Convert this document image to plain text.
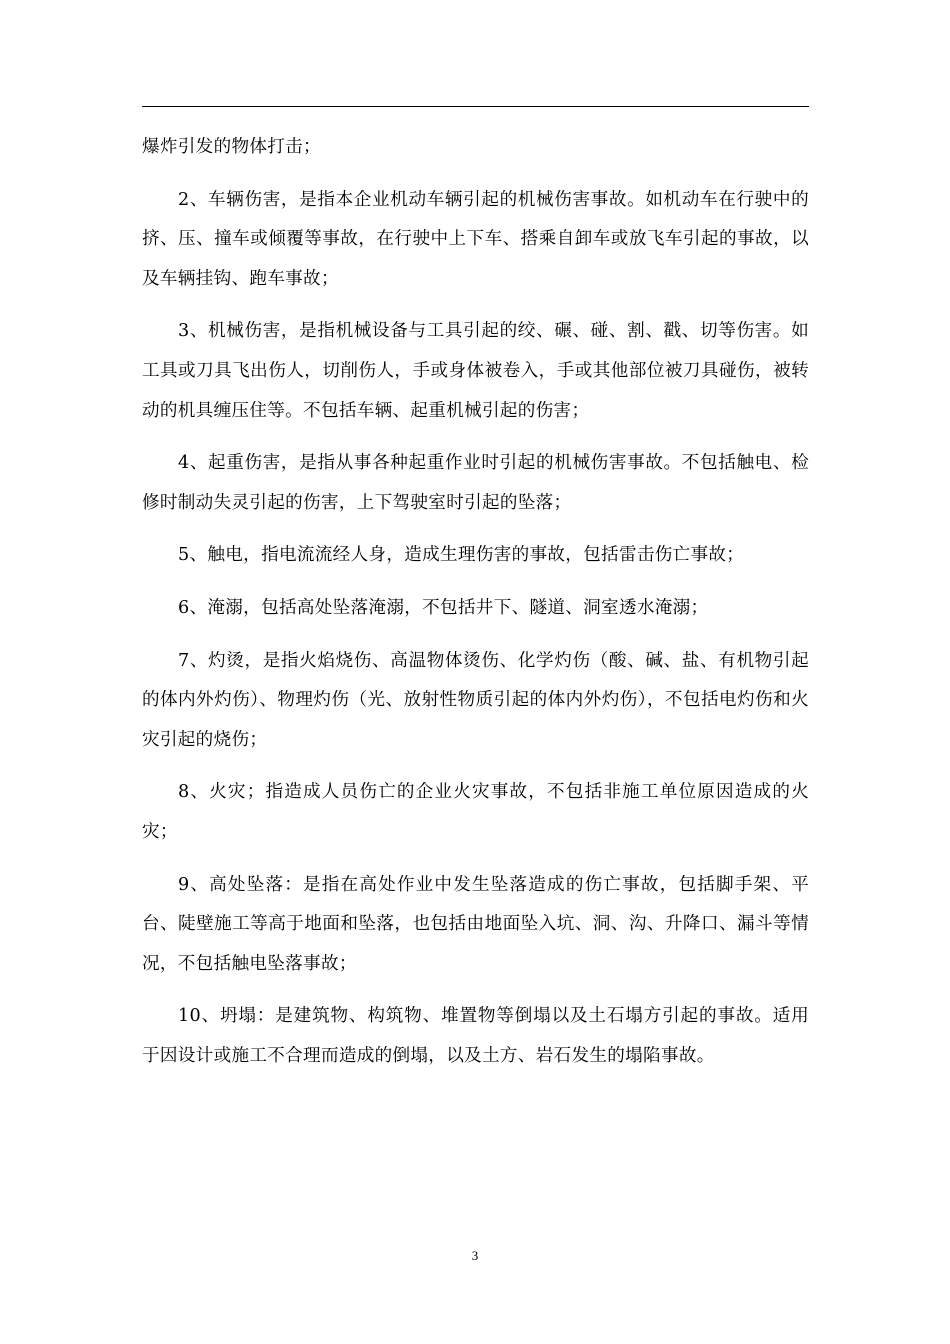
爆炸引发的物体打击；

2、车辆伤害，是指本企业机动车辆引起的机械伤害事故。如机动车在行驶中的挤、压、撞车或倾覆等事故，在行驶中上下车、搭乘自卸车或放飞车引起的事故，以及车辆挂钩、跑车事故；

3、机械伤害，是指机械设备与工具引起的绞、碾、碰、割、戳、切等伤害。如工具或刀具飞出伤人，切削伤人，手或身体被卷入，手或其他部位被刀具碰伤，被转动的机具缠压住等。不包括车辆、起重机械引起的伤害；

4、起重伤害，是指从事各种起重作业时引起的机械伤害事故。不包括触电、检修时制动失灵引起的伤害，上下驾驶室时引起的坠落；

5、触电，指电流流经人身，造成生理伤害的事故，包括雷击伤亡事故；

6、淹溺，包括高处坠落淹溺，不包括井下、隧道、洞室透水淹溺；

7、灼烫，是指火焰烧伤、高温物体烫伤、化学灼伤（酸、碱、盐、有机物引起的体内外灼伤）、物理灼伤（光、放射性物质引起的体内外灼伤），不包括电灼伤和火灾引起的烧伤；

8、火灾；指造成人员伤亡的企业火灾事故，不包括非施工单位原因造成的火灾；

9、高处坠落：是指在高处作业中发生坠落造成的伤亡事故，包括脚手架、平台、陡壁施工等高于地面和坠落，也包括由地面坠入坑、洞、沟、升降口、漏斗等情况，不包括触电坠落事故；

10、坍塌：是建筑物、构筑物、堆置物等倒塌以及土石塌方引起的事故。适用于因设计或施工不合理而造成的倒塌，以及土方、岩石发生的塌陷事故。

3
